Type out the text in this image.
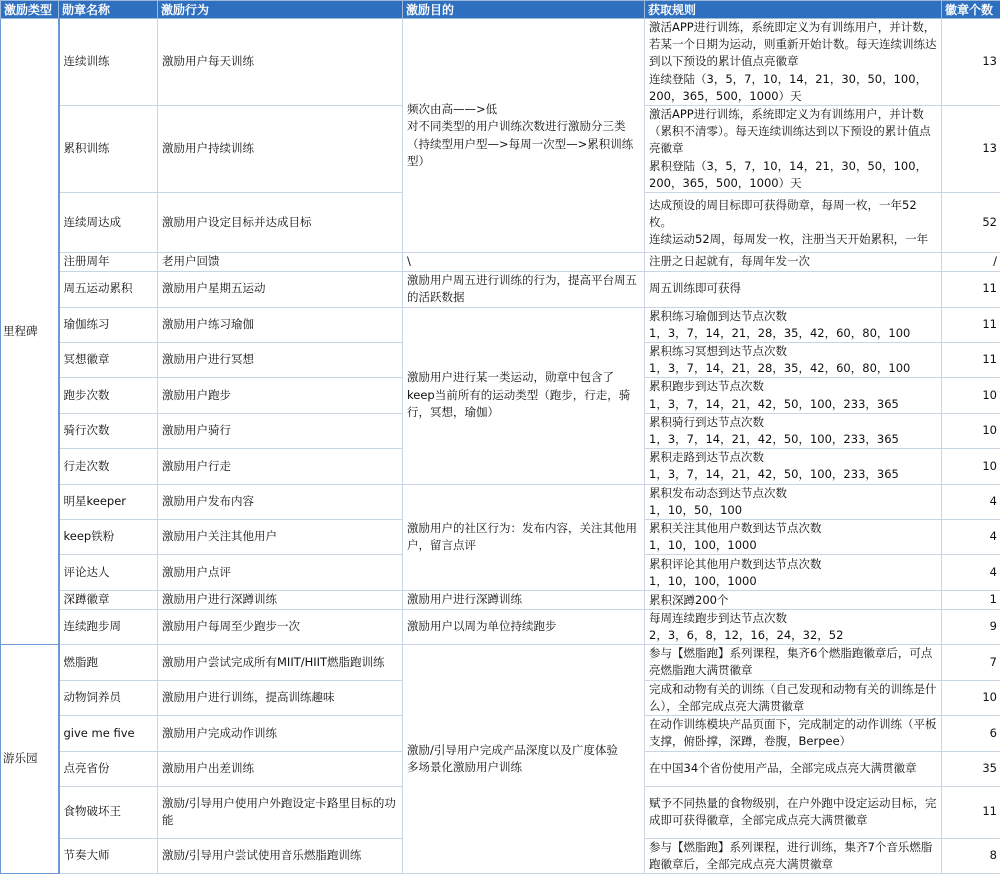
激励类型	勋章名称	激励行为	激励目的	获取规则	徽章个数
里程碑	连续训练	激励用户每天训练	频次由高——>低
对不同类型的用户训练次数进行激励分三类
（持续型用户型—>每周一次型—>累积训练型）	激活APP进行训练，系统即定义为有训练用户，并计数，若某一个日期为运动，则重新开始计数。每天连续训练达到以下预设的累计值点亮徽章
连续登陆（3，5，7，10，14，21，30，50，100，200，365，500，1000）天	13
	累积训练	激励用户持续训练		激活APP进行训练，系统即定义为有训练用户，并计数（累积不清零）。每天连续训练达到以下预设的累计值点亮徽章
累积登陆（3，5，7，10，14，21，30，50，100，200，365，500，1000）天	13
	连续周达成	激励用户设定目标并达成目标		达成预设的周目标即可获得勋章，每周一枚，一年52枚。
连续运动52周，每周发一枚，注册当天开始累积，一年	52
	注册周年	老用户回馈	\	注册之日起就有，每周年发一次	/
	周五运动累积	激励用户星期五运动	激励用户周五进行训练的行为，提高平台周五的活跃数据	周五训练即可获得	11
	瑜伽练习	激励用户练习瑜伽	激励用户进行某一类运动，勋章中包含了keep当前所有的运动类型（跑步，行走，骑行，冥想，瑜伽）	累积练习瑜伽到达节点次数
1，3，7，14，21，28，35，42，60，80，100	11
	冥想徽章	激励用户进行冥想		累积练习冥想到达节点次数
1，3，7，14，21，28，35，42，60，80，100	11
	跑步次数	激励用户跑步		累积跑步到达节点次数
1，3，7，14，21，42，50，100，233，365	10
	骑行次数	激励用户骑行		累积骑行到达节点次数
1，3，7，14，21，42，50，100，233，365	10
	行走次数	激励用户行走		累积走路到达节点次数
1，3，7，14，21，42，50，100，233，365	10
	明星keeper	激励用户发布内容	激励用户的社区行为：发布内容，关注其他用户，留言点评	累积发布动态到达节点次数
1，10，50，100	4
	keep铁粉	激励用户关注其他用户		累积关注其他用户数到达节点次数
1，10，100，1000	4
	评论达人	激励用户点评		累积评论其他用户数到达节点次数
1，10，100，1000	4
	深蹲徽章	激励用户进行深蹲训练	激励用户进行深蹲训练	累积深蹲200个	1
	连续跑步周	激励用户每周至少跑步一次	激励用户以周为单位持续跑步	每周连续跑步到达节点次数
2，3，6，8，12，16，24，32，52	9
游乐园	燃脂跑	激励用户尝试完成所有MIIT/HIIT燃脂跑训练	激励/引导用户完成产品深度以及广度体验
多场景化激励用户训练	参与【燃脂跑】系列课程，集齐6个燃脂跑徽章后，可点亮燃脂跑大满贯徽章	7
	动物饲养员	激励用户进行训练，提高训练趣味		完成和动物有关的训练（自己发现和动物有关的训练是什么），全部完成点亮大满贯徽章	10
	give me five	激励用户完成动作训练		在动作训练模块产品页面下，完成制定的动作训练（平板支撑，俯卧撑，深蹲，卷腹，Berpee）	6
	点亮省份	激励用户出差训练		在中国34个省份使用产品，全部完成点亮大满贯徽章	35
	食物破坏王	激励/引导用户使用户外跑设定卡路里目标的功能		赋予不同热量的食物级别，在户外跑中设定运动目标，完成即可获得徽章，全部完成点亮大满贯徽章	11
	节奏大师	激励/引导用户尝试使用音乐燃脂跑训练		参与【燃脂跑】系列课程，进行训练，集齐7个音乐燃脂跑徽章后，全部完成点亮大满贯徽章	8
